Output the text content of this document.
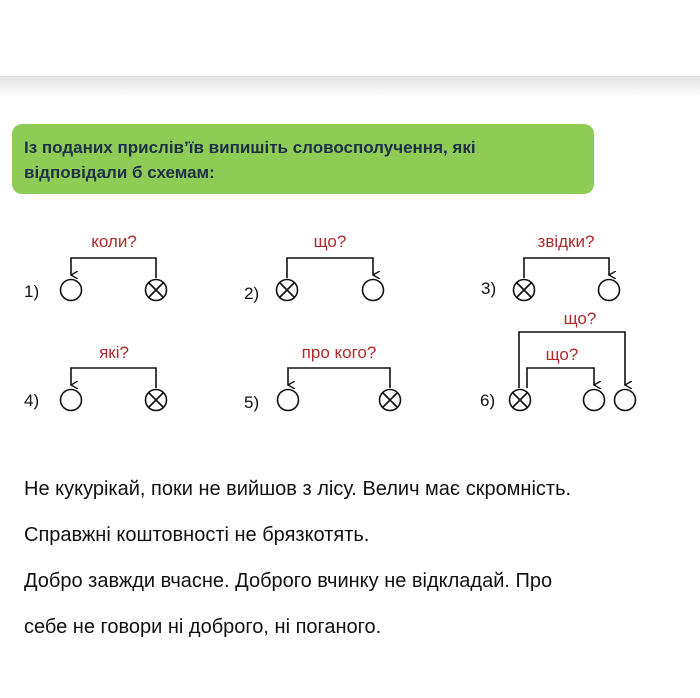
Із поданих прислів’їв випишіть словосполучення, які
відповідали б схемам:
1)
коли?
2)
що?
3)
звідки?
4)
які?
5)
про кого?
6)
що?
що?

Не кукурікай, поки не вийшов з лісу. Велич має скромність.

Справжні коштовності не брязкотять.

Добро завжди вчасне. Доброго вчинку не відкладай. Про

себе не говори ні доброго, ні поганого.
